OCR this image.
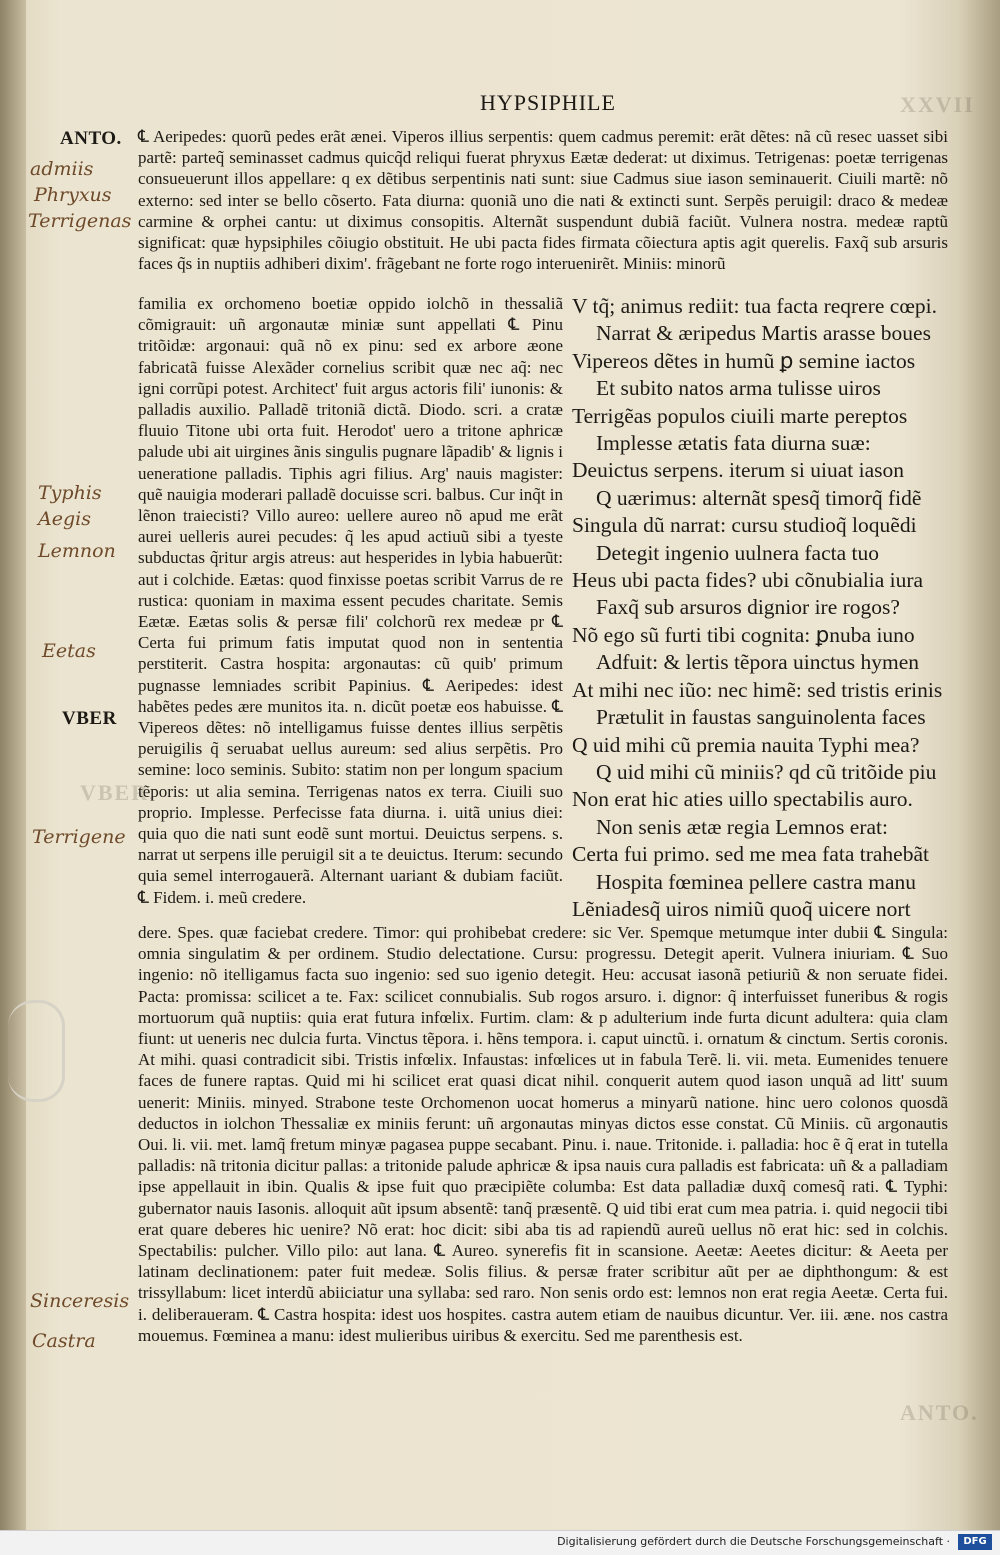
XXVII
VBER.
ANTO.
HYPSIPHILE
ANTO.
VBER
admiis
Phryxus
Terrigenas
Typhis
Aegis
Lemnon
Eetas
Terrigene
Sinceresis
Castra

℄ Aeripedes: quorũ pedes erãt ænei. Viperos illius serpentis: quem cadmus peremit: erãt dẽtes: nã cũ resec uasset sibi partẽ: parteq̃ seminasset cadmus quicq̃d reliqui fuerat phryxus Eætæ dederat: ut diximus. Tetrigenas: poetæ terrigenas consueuerunt illos appellare: q ex dẽtibus serpentinis nati sunt: siue Cadmus siue iason seminauerit. Ciuili martẽ: nõ externo: sed inter se bello cõserto. Fata diurna: quoniã uno die nati & extincti sunt. Serpẽs peruigil: draco & medeæ carmine & orphei cantu: ut diximus consopitis. Alternãt suspendunt dubiã faciũt. Vulnera nostra. medeæ raptũ significat: quæ hypsiphiles cõiugio obstituit. He ubi pacta fides firmata cõiectura aptis agit querelis. Faxq̃ sub arsuris faces q̃s in nuptiis adhiberi dixim'. frãgebant ne forte rogo interuenirẽt. Miniis: minorũ

familia ex orchomeno boetiæ oppido iolchõ in thessaliã cõmigrauit: uñ argonautæ miniæ sunt appellati ℄ Pinu tritõidæ: argonaui: quã nõ ex pinu: sed ex arbore æone fabricatã fuisse Alexãder cornelius scribit quæ nec aq̃: nec igni corrũpi potest. Architect' fuit argus actoris fili' iunonis: & palladis auxilio. Palladẽ tritoniã dictã. Diodo. scri. a cratæ fluuio Titone ubi orta fuit. Herodot' uero a tritone aphricæ palude ubi ait uirgines ãnis singulis pugnare lãpadib' & lignis i ueneratione palladis. Tiphis agri filius. Arg' nauis magister: quẽ nauigia moderari palladẽ docuisse scri. balbus. Cur inq̃t in lẽnon traiecisti? Villo aureo: uellere aureo nõ apud me erãt aurei uelleris aurei pecudes: q̃ les apud actiuũ sibi a tyeste subductas q̃ritur argis atreus: aut hesperides in lybia habuerũt: aut i colchide. Eætas: quod finxisse poetas scribit Varrus de re rustica: quoniam in maxima essent pecudes charitate. Semis Eætæ. Eætas solis & persæ fili' colchorũ rex medeæ pr ℄ Certa fui primum fatis imputat quod non in sententia perstiterit. Castra hospita: argonautas: cũ quib' primum pugnasse lemniades scribit Papinius. ℄ Aeripedes: idest habẽtes pedes ære munitos ita. n. dicũt poetæ eos habuisse. ℄ Vipereos dẽtes: nõ intelligamus fuisse dentes illius serpẽtis peruigilis q̃ seruabat uellus aureum: sed alius serpẽtis. Pro semine: loco seminis. Subito: statim non per longum spacium tẽporis: ut alia semina. Terrigenas natos ex terra. Ciuili suo proprio. Implesse. Perfecisse fata diurna. i. uitã unius diei: quia quo die nati sunt eodẽ sunt mortui. Deuictus serpens. s. narrat ut serpens ille peruigil sit a te deuictus. Iterum: secundo quia semel interrogauerã. Alternant uariant & dubiam faciũt. ℄ Fidem. i. meũ credere.

V tq̃; animus rediit: tua facta reqrere cœpi.
Narrat & æripedus Martis arasse boues
Vipereos dẽtes in humũ ꝑ semine iactos
Et subito natos arma tulisse uiros
Terrigẽas populos ciuili marte pereptos
Implesse ætatis fata diurna suæ:
Deuictus serpens. iterum si uiuat iason
Q uærimus: alternãt spesq̃ timorq̃ fidẽ
Singula dũ narrat: cursu studioq̃ loquẽdi
Detegit ingenio uulnera facta tuo
Heus ubi pacta fides? ubi cõnubialia iura
Faxq̃ sub arsuros dignior ire rogos?
Nõ ego sũ furti tibi cognita: ꝑnuba iuno
Adfuit: & lertis tẽpora uinctus hymen
At mihi nec iũo: nec himẽ: sed tristis erinis
Prætulit in faustas sanguinolenta faces
Q uid mihi cũ premia nauita Typhi mea?
Q uid mihi cũ miniis? qd cũ tritõide piu
Non erat hic aties uillo spectabilis auro.
Non senis ætæ regia Lemnos erat:
Certa fui primo. sed me mea fata trahebãt
Hospita fœminea pellere castra manu
Lẽniadesq̃ uiros nimiũ quoq̃ uicere nort

dere. Spes. quæ faciebat credere. Timor: qui prohibebat credere: sic Ver. Spemque metumque inter dubii ℄ Singula: omnia singulatim & per ordinem. Studio delectatione. Cursu: progressu. Detegit aperit. Vulnera iniuriam. ℄ Suo ingenio: nõ itelligamus facta suo ingenio: sed suo igenio detegit. Heu: accusat iasonã petiuriũ & non seruate fidei. Pacta: promissa: scilicet a te. Fax: scilicet connubialis. Sub rogos arsuro. i. dignor: q̃ interfuisset funeribus & rogis mortuorum quã nuptiis: quia erat futura infœlix. Furtim. clam: & p adulterium inde furta dicunt adultera: quia clam fiunt: ut ueneris nec dulcia furta. Vinctus tẽpora. i. hẽns tempora. i. caput uinctũ. i. ornatum & cinctum. Sertis coronis. At mihi. quasi contradicit sibi. Tristis infœlix. Infaustas: infœlices ut in fabula Terẽ. li. vii. meta. Eumenides tenuere faces de funere raptas. Quid mi hi scilicet erat quasi dicat nihil. conquerit autem quod iason unquã ad litt' suum uenerit: Miniis. minyed. Strabone teste Orchomenon uocat homerus a minyarũ natione. hinc uero colonos quosdã deductos in iolchon Thessaliæ ex miniis ferunt: uñ argonautas minyas dictos esse constat. Cũ Miniis. cũ argonautis Oui. li. vii. met. lamq̃ fretum minyæ pagasea puppe secabant. Pinu. i. naue. Tritonide. i. palladia: hoc ẽ q̃ erat in tutella palladis: nã tritonia dicitur pallas: a tritonide palude aphricæ & ipsa nauis cura palladis est fabricata: uñ & a palladiam ipse appellauit in ibin. Qualis & ipse fuit quo præcipiẽte columba: Est data palladiæ duxq̃ comesq̃ rati. ℄ Typhi: gubernator nauis Iasonis. alloquit aũt ipsum absentẽ: tanq̃ præsentẽ. Q uid tibi erat cum mea patria. i. quid negocii tibi erat quare deberes hic uenire? Nõ erat: hoc dicit: sibi aba tis ad rapiendũ aureũ uellus nõ erat hic: sed in colchis. Spectabilis: pulcher. Villo pilo: aut lana. ℄ Aureo. synerefis fit in scansione. Aeetæ: Aeetes dicitur: & Aeeta per latinam declinationem: pater fuit medeæ. Solis filius. & persæ frater scribitur aũt per ae diphthongum: & est trissyllabum: licet interdũ abiiciatur una syllaba: sed raro. Non senis ordo est: lemnos non erat regia Aeetæ. Certa fui. i. deliberaueram. ℄ Castra hospita: idest uos hospites. castra autem etiam de nauibus dicuntur. Ver. iii. æne. nos castra mouemus. Fœminea a manu: idest mulieribus uiribus & exercitu. Sed me parenthesis est.

Digitalisierung gefördert durch die Deutsche Forschungsgemeinschaft ·	DFG
